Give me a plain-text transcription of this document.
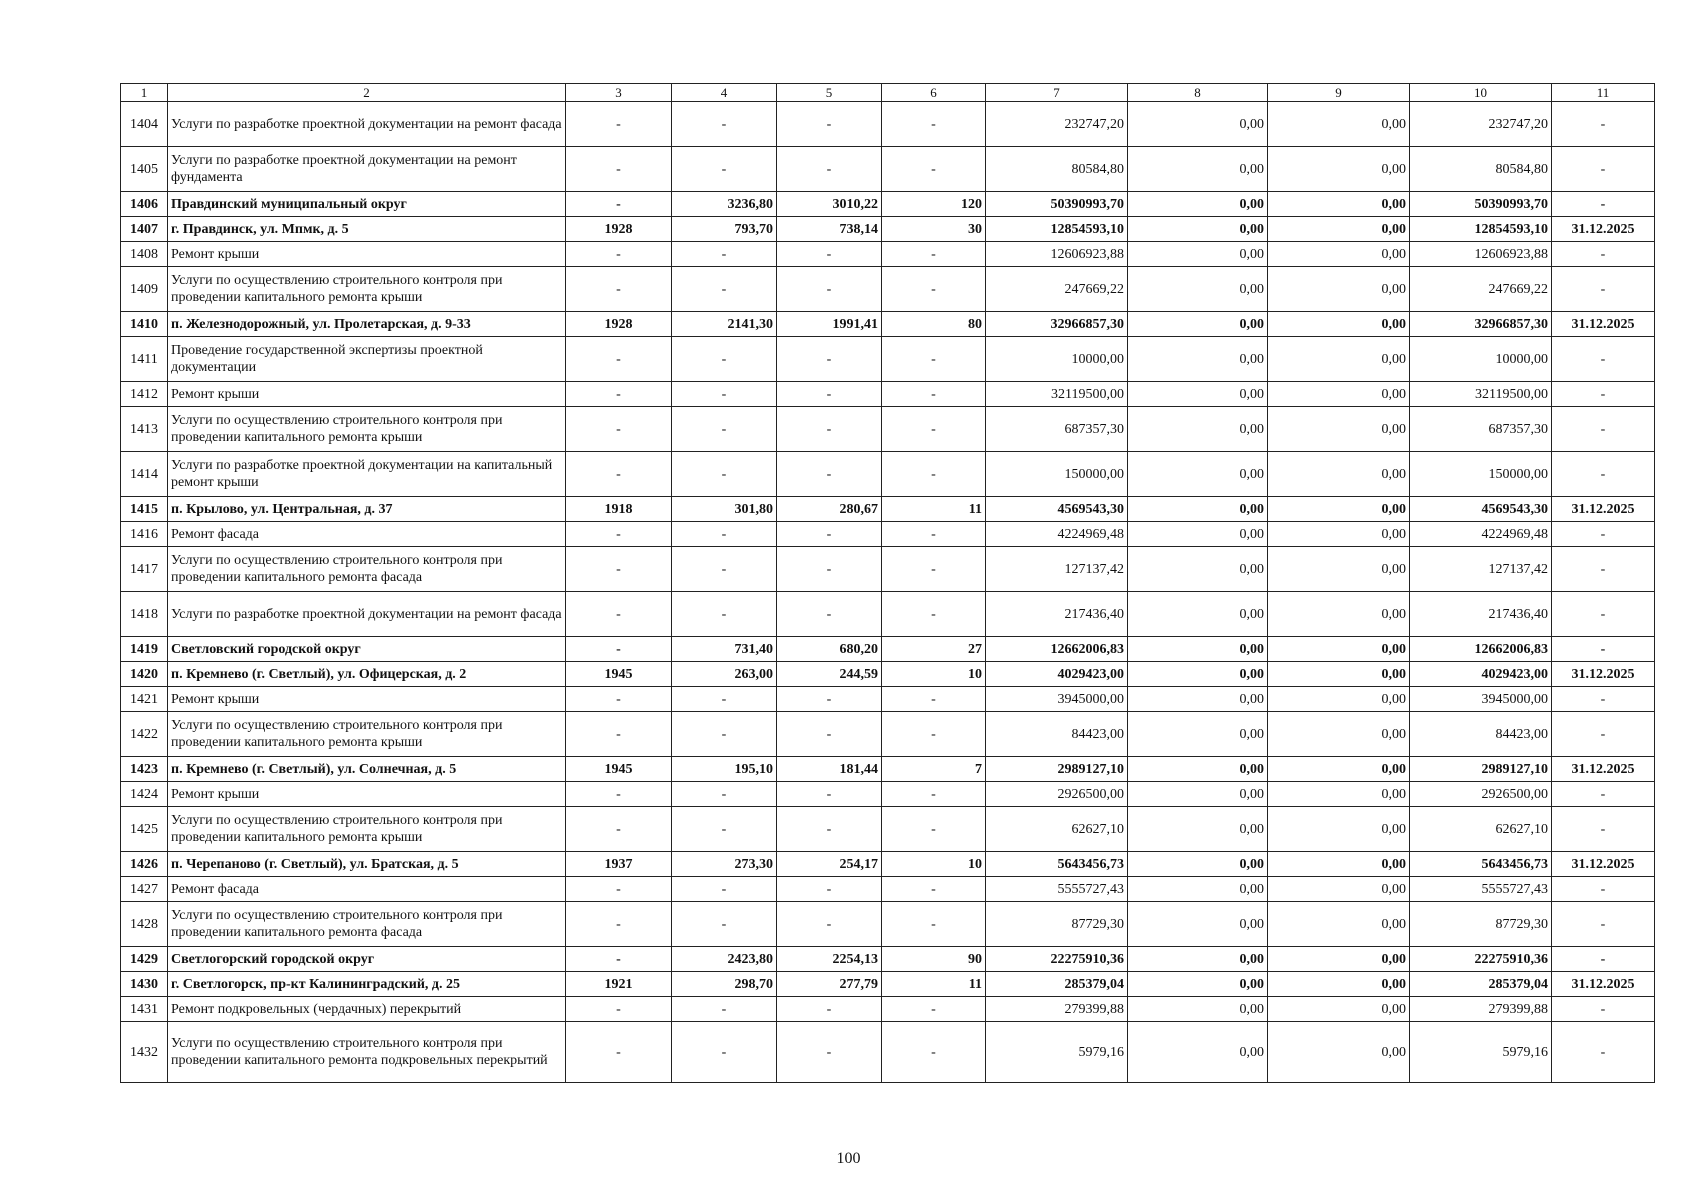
1	2	3	4	5	6	7	8	9	10	11
1404	Услуги по разработке проектной документации на ремонт фасада	-	-	-	-	232747,20	0,00	0,00	232747,20	-
1405	Услуги по разработке проектной документации на ремонт фундамента	-	-	-	-	80584,80	0,00	0,00	80584,80	-
1406	Правдинский муниципальный округ	-	3236,80	3010,22	120	50390993,70	0,00	0,00	50390993,70	-
1407	г. Правдинск, ул. Мпмк, д. 5	1928	793,70	738,14	30	12854593,10	0,00	0,00	12854593,10	31.12.2025
1408	Ремонт крыши	-	-	-	-	12606923,88	0,00	0,00	12606923,88	-
1409	Услуги по осуществлению строительного контроля при проведении капитального ремонта крыши	-	-	-	-	247669,22	0,00	0,00	247669,22	-
1410	п. Железнодорожный, ул. Пролетарская, д. 9-33	1928	2141,30	1991,41	80	32966857,30	0,00	0,00	32966857,30	31.12.2025
1411	Проведение государственной экспертизы проектной документации	-	-	-	-	10000,00	0,00	0,00	10000,00	-
1412	Ремонт крыши	-	-	-	-	32119500,00	0,00	0,00	32119500,00	-
1413	Услуги по осуществлению строительного контроля при проведении капитального ремонта крыши	-	-	-	-	687357,30	0,00	0,00	687357,30	-
1414	Услуги по разработке проектной документации на капитальный ремонт крыши	-	-	-	-	150000,00	0,00	0,00	150000,00	-
1415	п. Крылово, ул. Центральная, д. 37	1918	301,80	280,67	11	4569543,30	0,00	0,00	4569543,30	31.12.2025
1416	Ремонт фасада	-	-	-	-	4224969,48	0,00	0,00	4224969,48	-
1417	Услуги по осуществлению строительного контроля при проведении капитального ремонта фасада	-	-	-	-	127137,42	0,00	0,00	127137,42	-
1418	Услуги по разработке проектной документации на ремонт фасада	-	-	-	-	217436,40	0,00	0,00	217436,40	-
1419	Светловский городской округ	-	731,40	680,20	27	12662006,83	0,00	0,00	12662006,83	-
1420	п. Кремнево (г. Светлый), ул. Офицерская, д. 2	1945	263,00	244,59	10	4029423,00	0,00	0,00	4029423,00	31.12.2025
1421	Ремонт крыши	-	-	-	-	3945000,00	0,00	0,00	3945000,00	-
1422	Услуги по осуществлению строительного контроля при проведении капитального ремонта крыши	-	-	-	-	84423,00	0,00	0,00	84423,00	-
1423	п. Кремнево (г. Светлый), ул. Солнечная, д. 5	1945	195,10	181,44	7	2989127,10	0,00	0,00	2989127,10	31.12.2025
1424	Ремонт крыши	-	-	-	-	2926500,00	0,00	0,00	2926500,00	-
1425	Услуги по осуществлению строительного контроля при проведении капитального ремонта крыши	-	-	-	-	62627,10	0,00	0,00	62627,10	-
1426	п. Черепаново (г. Светлый), ул. Братская, д. 5	1937	273,30	254,17	10	5643456,73	0,00	0,00	5643456,73	31.12.2025
1427	Ремонт фасада	-	-	-	-	5555727,43	0,00	0,00	5555727,43	-
1428	Услуги по осуществлению строительного контроля при проведении капитального ремонта фасада	-	-	-	-	87729,30	0,00	0,00	87729,30	-
1429	Светлогорский городской округ	-	2423,80	2254,13	90	22275910,36	0,00	0,00	22275910,36	-
1430	г. Светлогорск, пр-кт Калининградский, д. 25	1921	298,70	277,79	11	285379,04	0,00	0,00	285379,04	31.12.2025
1431	Ремонт подкровельных (чердачных) перекрытий	-	-	-	-	279399,88	0,00	0,00	279399,88	-
1432	Услуги по осуществлению строительного контроля при проведении капитального ремонта подкровельных перекрытий	-	-	-	-	5979,16	0,00	0,00	5979,16	-
100
